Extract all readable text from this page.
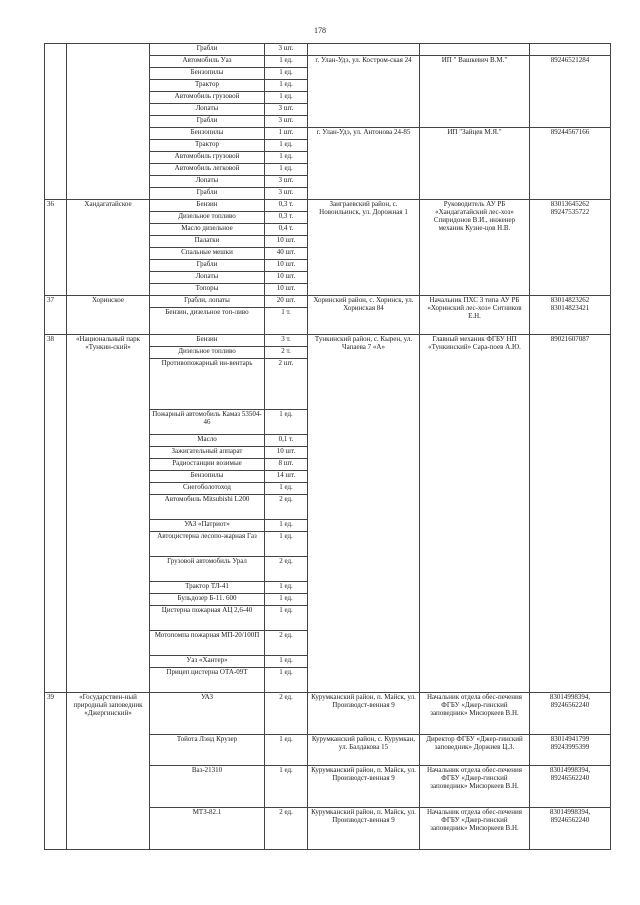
178
		Грабли	3 шт.			
		Автомобиль Уаз	1 ед.	г. Улан-Удэ, ул. Костром-ская 24	ИП " Вашкевич В.М."	89246521284
		Бензопилы	1 ед.			
		Трактор	1 ед.			
		Автомобиль грузовой	1 ед.			
		Лопаты	3 шт.			
		Грабли	3 шт.			
		Бензопилы	1 шт.	г. Улан-Удэ, ул. Антонова 24-85	ИП "Зайцев М.Я."	89244567166
		Трактор	1 ед.			
		Автомобиль грузовой	1 ед.			
		Автомобиль легковой	1 ед.			
		Лопаты	3 шт.			
		Грабли	3 шт.			
36	Хандагатайское	Бензин	0,3 т.	Заиграевский район, с. Новоильинск, ул. Дорожная 1	Руководитель АУ РБ «Хандагатайский лес-хоз» Спиридонов В.И., инженер механик Кузне-цов Н.В.	83013645262 89247535722
		Дизельное топливо	0,3 т.			
		Масло дизельное	0,4 т.			
		Палатки	10 шт.			
		Спальные мешки	40 шт.			
		Грабли	10 шт.			
		Лопаты	10 шт.			
		Топоры	10 шт.			
37	Хоринское	Грабли, лопаты	20 шт.	Хоринский район, с. Хоринск, ул. Хоринская 84	Начальник ПХС 3 типа АУ РБ «Хоринский лес-хоз» Ситников Е.Н.	83014823262 83014823421
		Бензин, дизельное топ-ливо	1 т.			
38	«Национальный парк «Тункин-ский»	Бензин	3 т.	Тункинский район, с. Кырен, ул. Чапаева 7 «А»	Главный механик ФГБУ НП «Тункинский» Сара-поев А.Ю.	89021607087
		Дизельное топливо	2 т.			
		Противопожарный ин-вентарь	2 шт.			
		Пожарный автомобиль Камаз 53504-46	1 ед.			
		Масло	0,1 т.			
		Зажигательный аппарат	10 шт.			
		Радиостанции возимые	8 шт.			
		Бензопилы	14 шт.			
		Снегоболотоход	1 ед.			
		Автомобиль Mitsubishi L200	2 ед.			
		УАЗ «Патриот»	1 ед.			
		Автоцистерна лесопо-жарная Газ	1 ед.			
		Грузовой автомобиль Урал	2 ед.			
		Трактор ТЛ-41	1 ед.			
		Бульдозер Б-11. 600	1 ед.			
		Цистерна пожарная АЦ 2,6-40	1 ед.			
		Мотопомпа пожарная МП-20/100П	2 ед.			
		Уаз «Хантер»	1 ед.			
		Прицеп цистерна ОТА-09Т	1 ед.			
39	«Государствен-ный природный заповедник «Джергинский»	УАЗ	2 ед.	Курумканский район, п. Майск, ул. Производст-венная 9	Начальник отдела обес-печения ФГБУ «Джер-гинский заповедник» Мисюркеев В.Н.	83014998394, 89246562240
		Тойота Лэнд Крузер	1 ед.	Курумканский район, с. Курумкан, ул. Балдакова 15	Директор ФГБУ «Джер-гинский заповедник» Доржиев Ц.З.	83014941799 89243995399
		Ваз-21310	1 ед.	Курумканский район, п. Майск, ул. Производст-венная 9	Начальник отдела обес-печения ФГБУ «Джер-гинский заповедник» Мисюркеев В.Н.	83014998394, 89246562240
		МТЗ-82.1	2 ед.	Курумканский район, п. Майск, ул. Производст-венная 9	Начальник отдела обес-печения ФГБУ «Джер-гинский заповедник» Мисюркеев В.Н.	83014998394, 89246562240
